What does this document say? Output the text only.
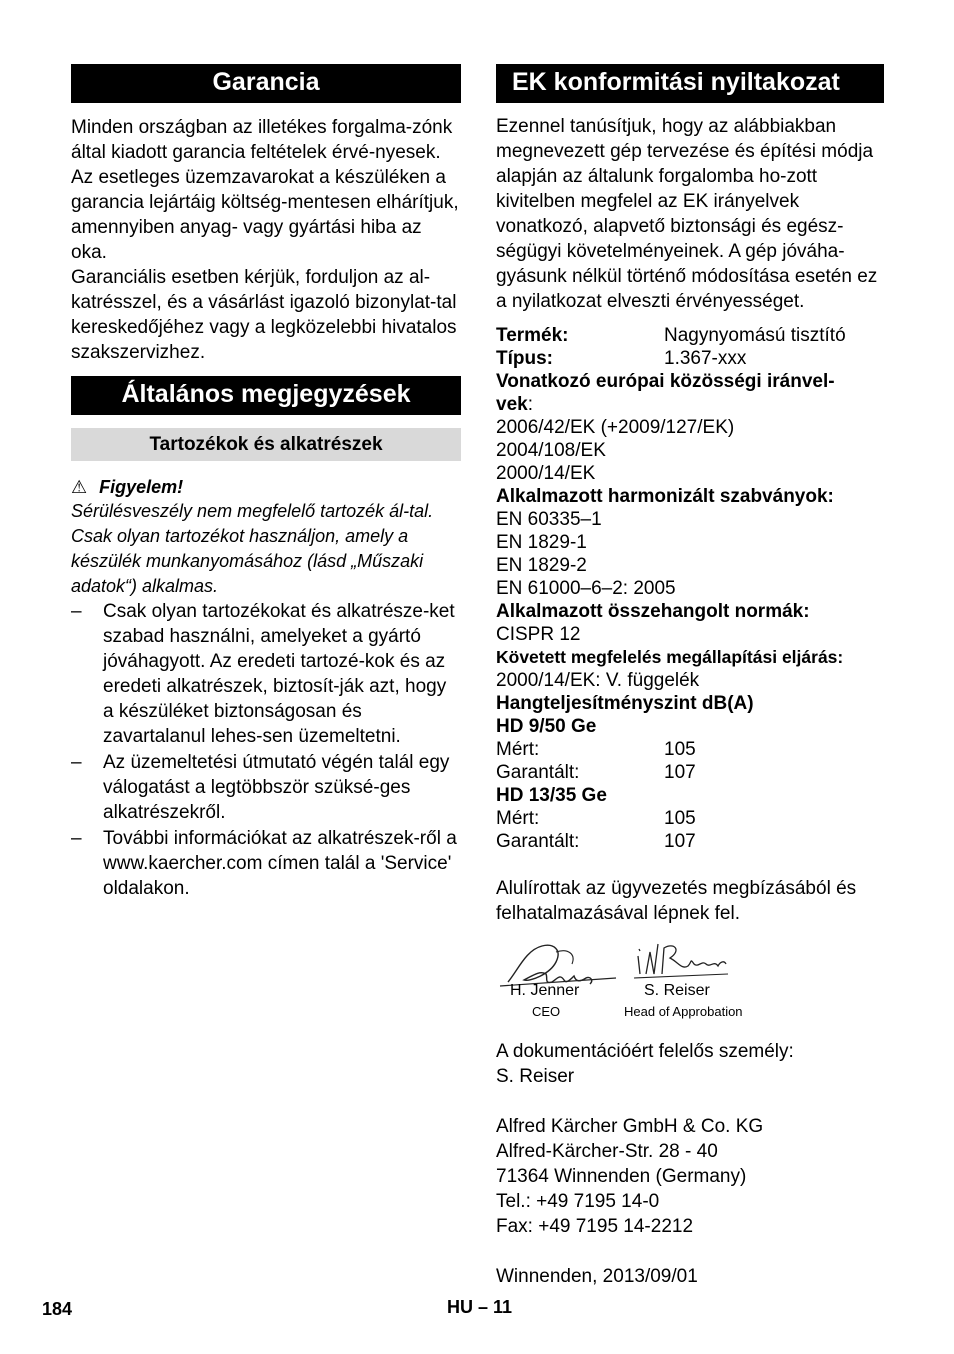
Garancia

Minden országban az illetékes forgalma-zónk által kiadott garancia feltételek érvé-nyesek. Az esetleges üzemzavarokat a készüléken a garancia lejártáig költség-mentesen elhárítjuk, amennyiben anyag- vagy gyártási hiba az oka.

Garanciális esetben kérjük, forduljon az al-katrésszel, és a vásárlást igazoló bizonylat-tal kereskedőjéhez vagy a legközelebbi hivatalos szakszervizhez.

Általános megjegyzések
Tartozékok és alkatrészek
⚠ Figyelem!

Sérülésveszély nem megfelelő tartozék ál-tal. Csak olyan tartozékot használjon, amely a készülék munkanyomásához (lásd „Műszaki adatok“) alkalmas.

– Csak olyan tartozékokat és alkatrésze-ket szabad használni, amelyeket a gyártó jóváhagyott. Az eredeti tartozé-kok és az eredeti alkatrészek, biztosít-ják azt, hogy a készüléket biztonságosan és zavartalanul lehes-sen üzemeltetni.
– Az üzemeltetési útmutató végén talál egy válogatást a legtöbbször szüksé-ges alkatrészekről.
– További információkat az alkatrészek-ről a www.kaercher.com címen talál a 'Service' oldalakon.
EK konformitási nyiltakozat

Ezennel tanúsítjuk, hogy az alábbiakban megnevezett gép tervezése és építési módja alapján az általunk forgalomba ho-zott kivitelben megfelel az EK irányelvek vonatkozó, alapvető biztonsági és egész-ségügyi követelményeinek. A gép jóváha-gyásunk nélkül történő módosítása esetén ez a nyilatkozat elveszti érvényességet.

Termék:	Nagynyomású tisztító
Típus:	1.367-xxx
Vonatkozó európai közösségi iránvel-vek:
2006/42/EK (+2009/127/EK)
2004/108/EK
2000/14/EK
Alkalmazott harmonizált szabványok:
EN 60335–1
EN 1829-1
EN 1829-2
EN 61000–6–2: 2005
Alkalmazott összehangolt normák:
CISPR 12
Követett megfelelés megállapítási eljárás:
2000/14/EK: V. függelék
Hangteljesítményszint dB(A)
HD 9/50 Ge
Mért:	105
Garantált:	107
HD 13/35 Ge
Mért:	105
Garantált:	107

Alulírottak az ügyvezetés megbízásából és felhatalmazásával lépnek fel.

H. Jenner
CEO
S. Reiser
Head of Approbation

A dokumentációért felelős személy:

S. Reiser

Alfred Kärcher GmbH & Co. KG

Alfred-Kärcher-Str. 28 - 40

71364 Winnenden (Germany)

Tel.: +49 7195 14-0

Fax: +49 7195 14-2212

Winnenden, 2013/09/01

184	HU – 11
